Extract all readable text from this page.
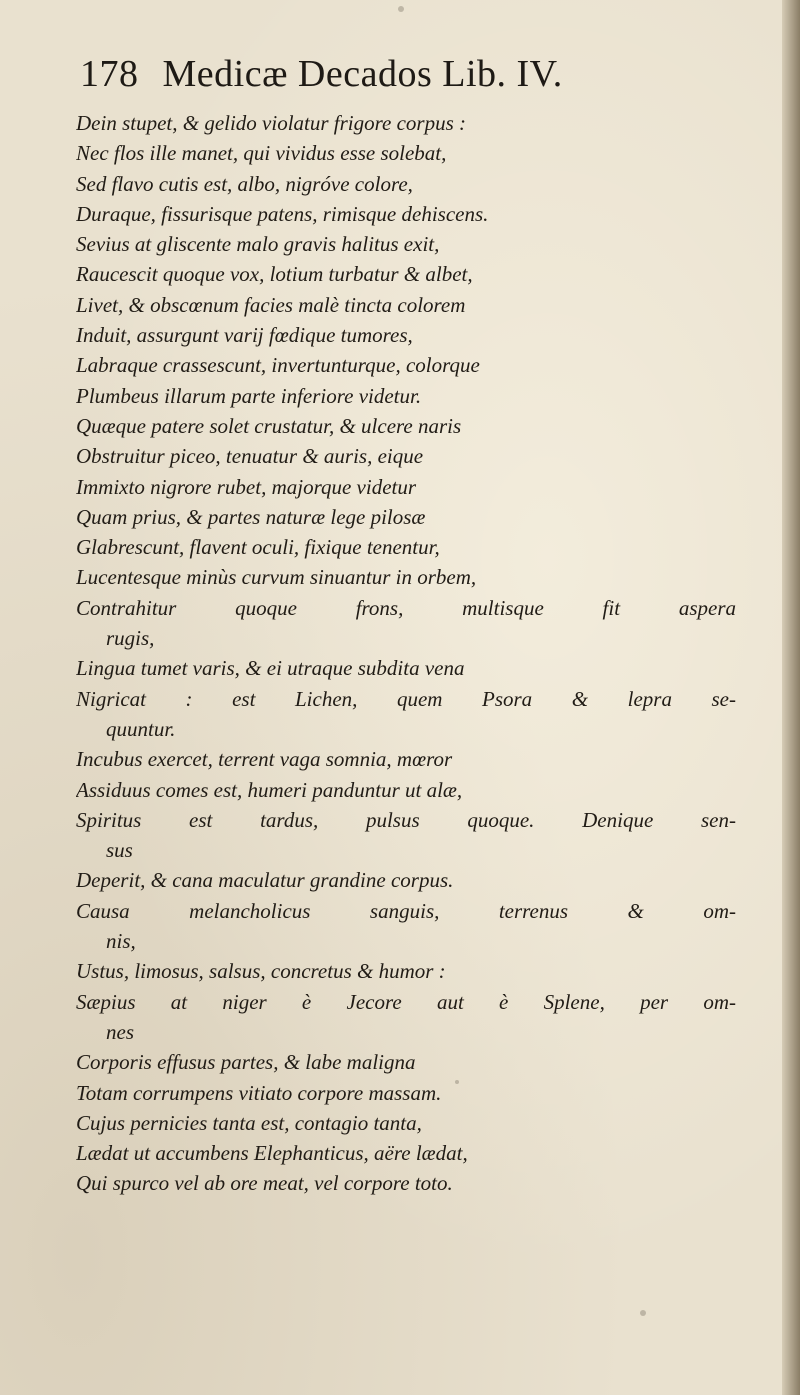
178 Medicæ Decados Lib. IV.
Dein stupet, & gelido violatur frigore corpus :
Nec flos ille manet, qui vividus esse solebat,
Sed flavo cutis est, albo, nigróve colore,
Duraque, fissurisque patens, rimisque dehiscens.
Sevius at gliscente malo gravis halitus exit,
Raucescit quoque vox, lotium turbatur & albet,
Livet, & obscœnum facies malè tincta colorem
Induit, assurgunt varij fœdique tumores,
Labraque crassescunt, invertunturque, colorque
Plumbeus illarum parte inferiore videtur.
Quæque patere solet crustatur, & ulcere naris
Obstruitur piceo, tenuatur & auris, eique
Immixto nigrore rubet, majorque videtur
Quam prius, & partes naturæ lege pilosæ
Glabrescunt, flavent oculi, fixique tenentur,
Lucentesque minùs curvum sinuantur in orbem,
Contrahitur quoque frons, multisque fit aspera
rugis,
Lingua tumet varis, & ei utraque subdita vena
Nigricat : est Lichen, quem Psora & lepra se-
quuntur.
Incubus exercet, terrent vaga somnia, mœror
Assiduus comes est, humeri panduntur ut alæ,
Spiritus est tardus, pulsus quoque. Denique sen-
sus
Deperit, & cana maculatur grandine corpus.
Causa melancholicus sanguis, terrenus & om-
nis,
Ustus, limosus, salsus, concretus & humor :
Sæpius at niger è Jecore aut è Splene, per om-
nes
Corporis effusus partes, & labe maligna
Totam corrumpens vitiato corpore massam.
Cujus pernicies tanta est, contagio tanta,
Lædat ut accumbens Elephanticus, aëre lædat,
Qui spurco vel ab ore meat, vel corpore toto.
